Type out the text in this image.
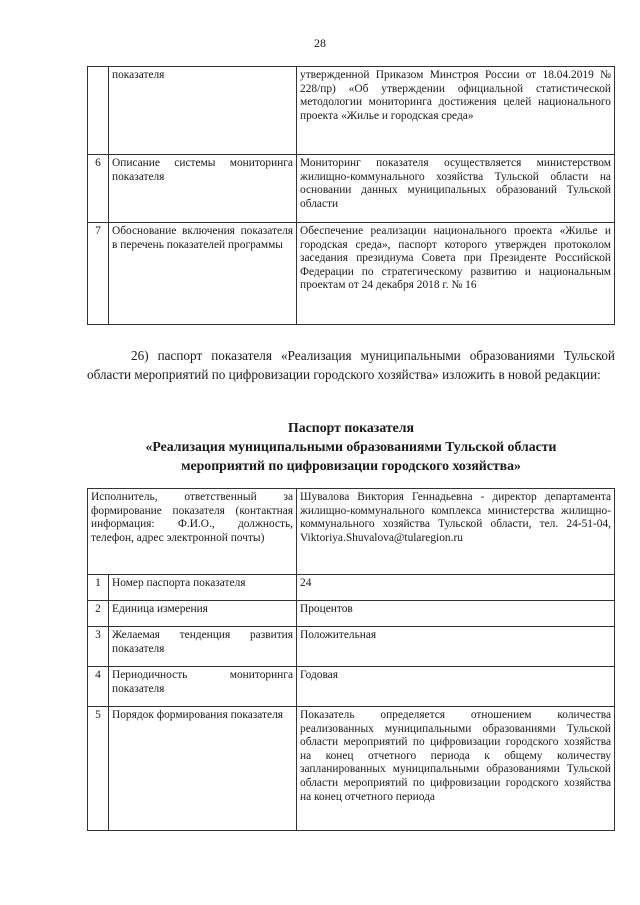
28
	показателя	утвержденной Приказом Минстроя России от 18.04.2019 № 228/пр) «Об утверждении официальной статистической методологии мониторинга достижения целей национального проекта «Жилье и городская среда»
6	Описание системы мониторинга показателя	Мониторинг показателя осуществляется министерством жилищно-коммунального хозяйства Тульской области на основании данных муниципальных образований Тульской области
7	Обоснование включения показателя в перечень показателей программы	Обеспечение реализации национального проекта «Жилье и городская среда», паспорт которого утвержден протоколом заседания президиума Совета при Президенте Российской Федерации по стратегическому развитию и национальным проектам от 24 декабря 2018 г. № 16
26) паспорт показателя «Реализация муниципальными образованиями Тульской области мероприятий по цифровизации городского хозяйства» изложить в новой редакции:
Паспорт показателя
«Реализация муниципальными образованиями Тульской области
мероприятий по цифровизации городского хозяйства»
Исполнитель, ответственный за формирование показателя (контактная информация: Ф.И.О., должность, телефон, адрес электронной почты)		Шувалова Виктория Геннадьевна - директор департамента жилищно-коммунального комплекса министерства жилищно-коммунального хозяйства Тульской области, тел. 24-51-04, Viktoriya.Shuvalova@tularegion.ru
1	Номер паспорта показателя	24
2	Единица измерения	Процентов
3	Желаемая тенденция развития показателя	Положительная
4	Периодичность мониторинга показателя	Годовая
5	Порядок формирования показателя	Показатель определяется отношением количества реализованных муниципальными образованиями Тульской области мероприятий по цифровизации городского хозяйства на конец отчетного периода к общему количеству запланированных муниципальными образованиями Тульской области мероприятий по цифровизации городского хозяйства на конец отчетного периода
